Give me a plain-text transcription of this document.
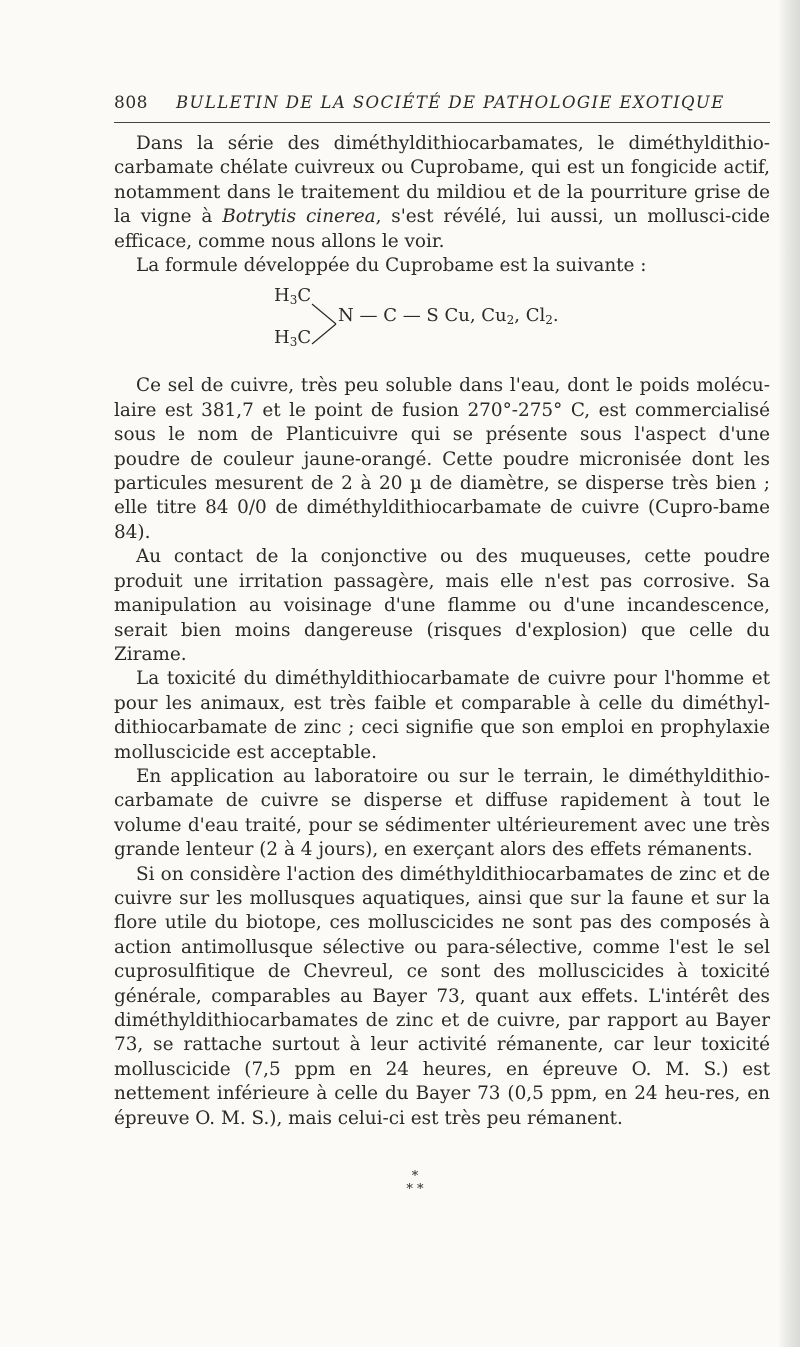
808 BULLETIN DE LA SOCIÉTÉ DE PATHOLOGIE EXOTIQUE

Dans la série des diméthyldithiocarbamates, le diméthyldithio-carbamate chélate cuivreux ou Cuprobame, qui est un fongicide actif, notamment dans le traitement du mildiou et de la pourriture grise de la vigne à Botrytis cinerea, s'est révélé, lui aussi, un mollusci-cide efficace, comme nous allons le voir.

La formule développée du Cuprobame est la suivante :

$H_3C$
$H_3C$
N — C — S Cu, $Cu_2$, $Cl_2$.

Ce sel de cuivre, très peu soluble dans l'eau, dont le poids molécu-laire est 381,7 et le point de fusion 270°-275° C, est commercialisé sous le nom de Planticuivre qui se présente sous l'aspect d'une poudre de couleur jaune-orangé. Cette poudre micronisée dont les particules mesurent de 2 à 20 µ de diamètre, se disperse très bien ; elle titre 84 0/0 de diméthyldithiocarbamate de cuivre (Cupro-bame 84).

Au contact de la conjonctive ou des muqueuses, cette poudre produit une irritation passagère, mais elle n'est pas corrosive. Sa manipulation au voisinage d'une flamme ou d'une incandescence, serait bien moins dangereuse (risques d'explosion) que celle du Zirame.

La toxicité du diméthyldithiocarbamate de cuivre pour l'homme et pour les animaux, est très faible et comparable à celle du diméthyl-dithiocarbamate de zinc ; ceci signifie que son emploi en prophylaxie molluscicide est acceptable.

En application au laboratoire ou sur le terrain, le diméthyldithio-carbamate de cuivre se disperse et diffuse rapidement à tout le volume d'eau traité, pour se sédimenter ultérieurement avec une très grande lenteur (2 à 4 jours), en exerçant alors des effets rémanents.

Si on considère l'action des diméthyldithiocarbamates de zinc et de cuivre sur les mollusques aquatiques, ainsi que sur la faune et sur la flore utile du biotope, ces molluscicides ne sont pas des composés à action antimollusque sélective ou para-sélective, comme l'est le sel cuprosulfitique de Chevreul, ce sont des molluscicides à toxicité générale, comparables au Bayer 73, quant aux effets. L'intérêt des diméthyldithiocarbamates de zinc et de cuivre, par rapport au Bayer 73, se rattache surtout à leur activité rémanente, car leur toxicité molluscicide (7,5 ppm en 24 heures, en épreuve O. M. S.) est nettement inférieure à celle du Bayer 73 (0,5 ppm, en 24 heu-res, en épreuve O. M. S.), mais celui-ci est très peu rémanent.

*
* *
